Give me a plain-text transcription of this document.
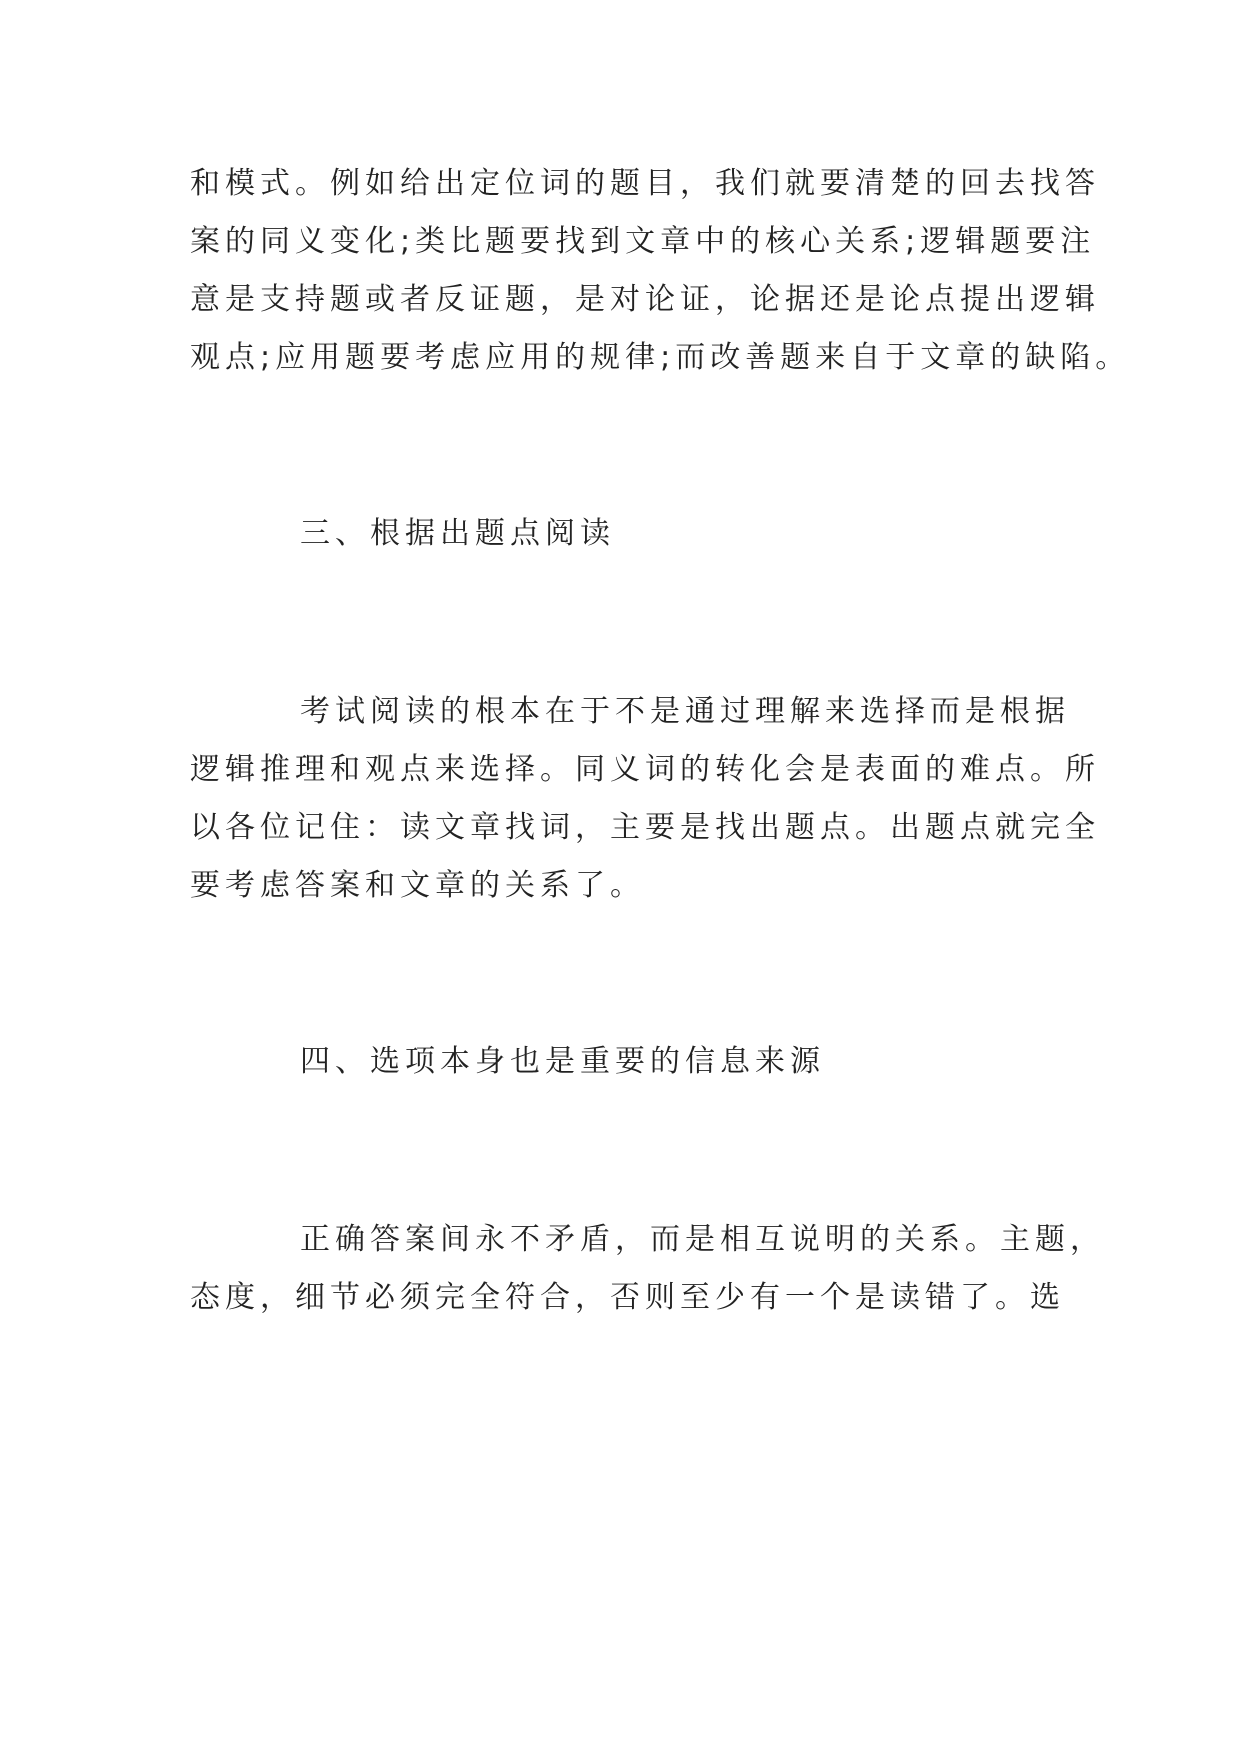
和模式。例如给出定位词的题目，我们就要清楚的回去找答
案的同义变化;类比题要找到文章中的核心关系;逻辑题要注
意是支持题或者反证题，是对论证，论据还是论点提出逻辑
观点;应用题要考虑应用的规律;而改善题来自于文章的缺陷。
三、根据出题点阅读
考试阅读的根本在于不是通过理解来选择而是根据
逻辑推理和观点来选择。同义词的转化会是表面的难点。所
以各位记住：读文章找词，主要是找出题点。出题点就完全
要考虑答案和文章的关系了。
四、选项本身也是重要的信息来源
正确答案间永不矛盾，而是相互说明的关系。主题，
态度，细节必须完全符合，否则至少有一个是读错了。选
